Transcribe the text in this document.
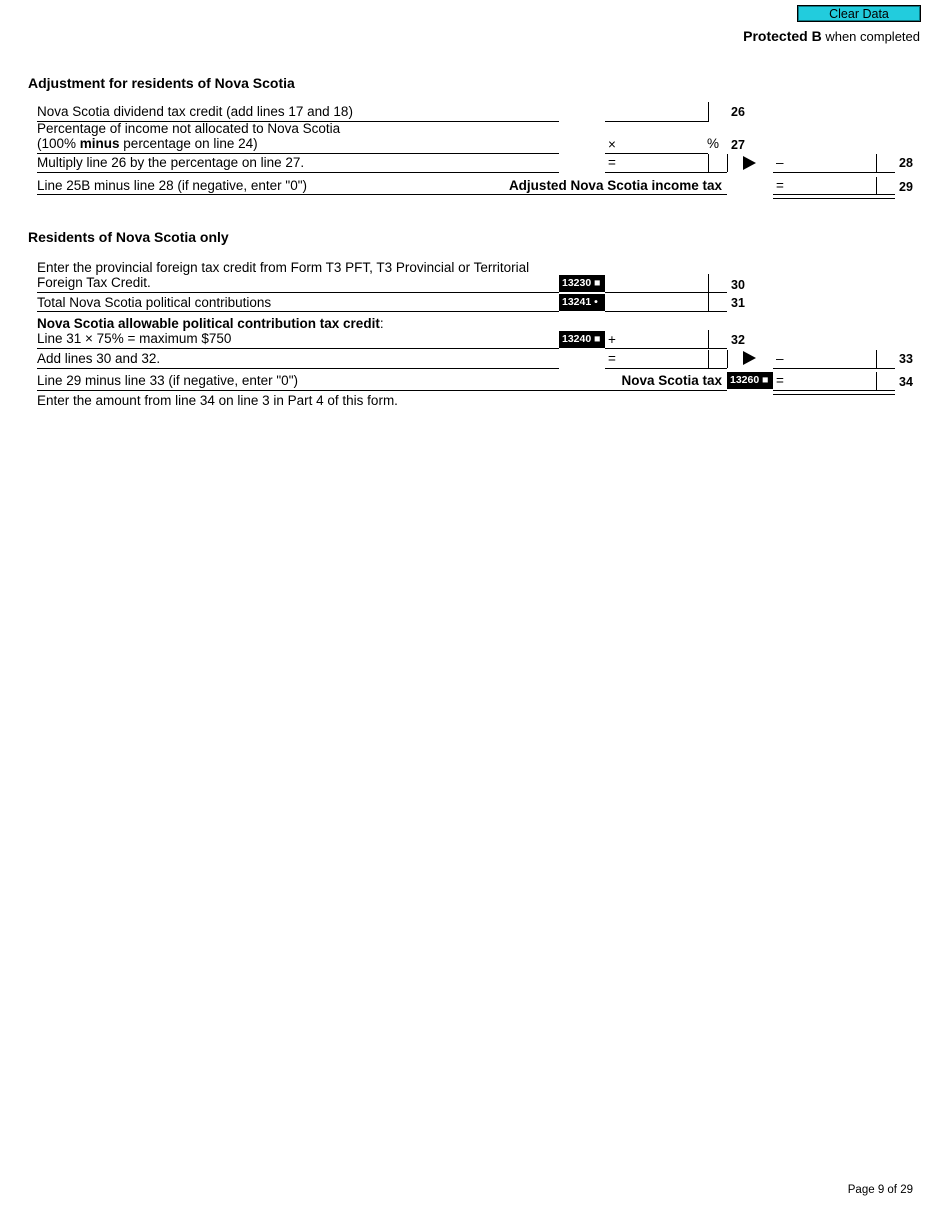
Clear Data
Protected B when completed
Adjustment for residents of Nova Scotia
Nova Scotia dividend tax credit (add lines 17 and 18)	26
Percentage of income not allocated to Nova Scotia
(100% minus percentage on line 24)	×	% 27
Multiply line 26 by the percentage on line 27.	=	–	28
Line 25B minus line 28 (if negative, enter "0")	Adjusted Nova Scotia income tax	=	29
Residents of Nova Scotia only
Enter the provincial foreign tax credit from Form T3 PFT, T3 Provincial or Territorial
Foreign Tax Credit.	13230 ■	30
Total Nova Scotia political contributions	13241 •	31
Nova Scotia allowable political contribution tax credit:
Line 31 × 75% = maximum $750	13240 ■ +	32
Add lines 30 and 32.	=	–	33
Line 29 minus line 33 (if negative, enter "0")	Nova Scotia tax 13260 ■ =	34
Enter the amount from line 34 on line 3 in Part 4 of this form.
Page 9 of 29
